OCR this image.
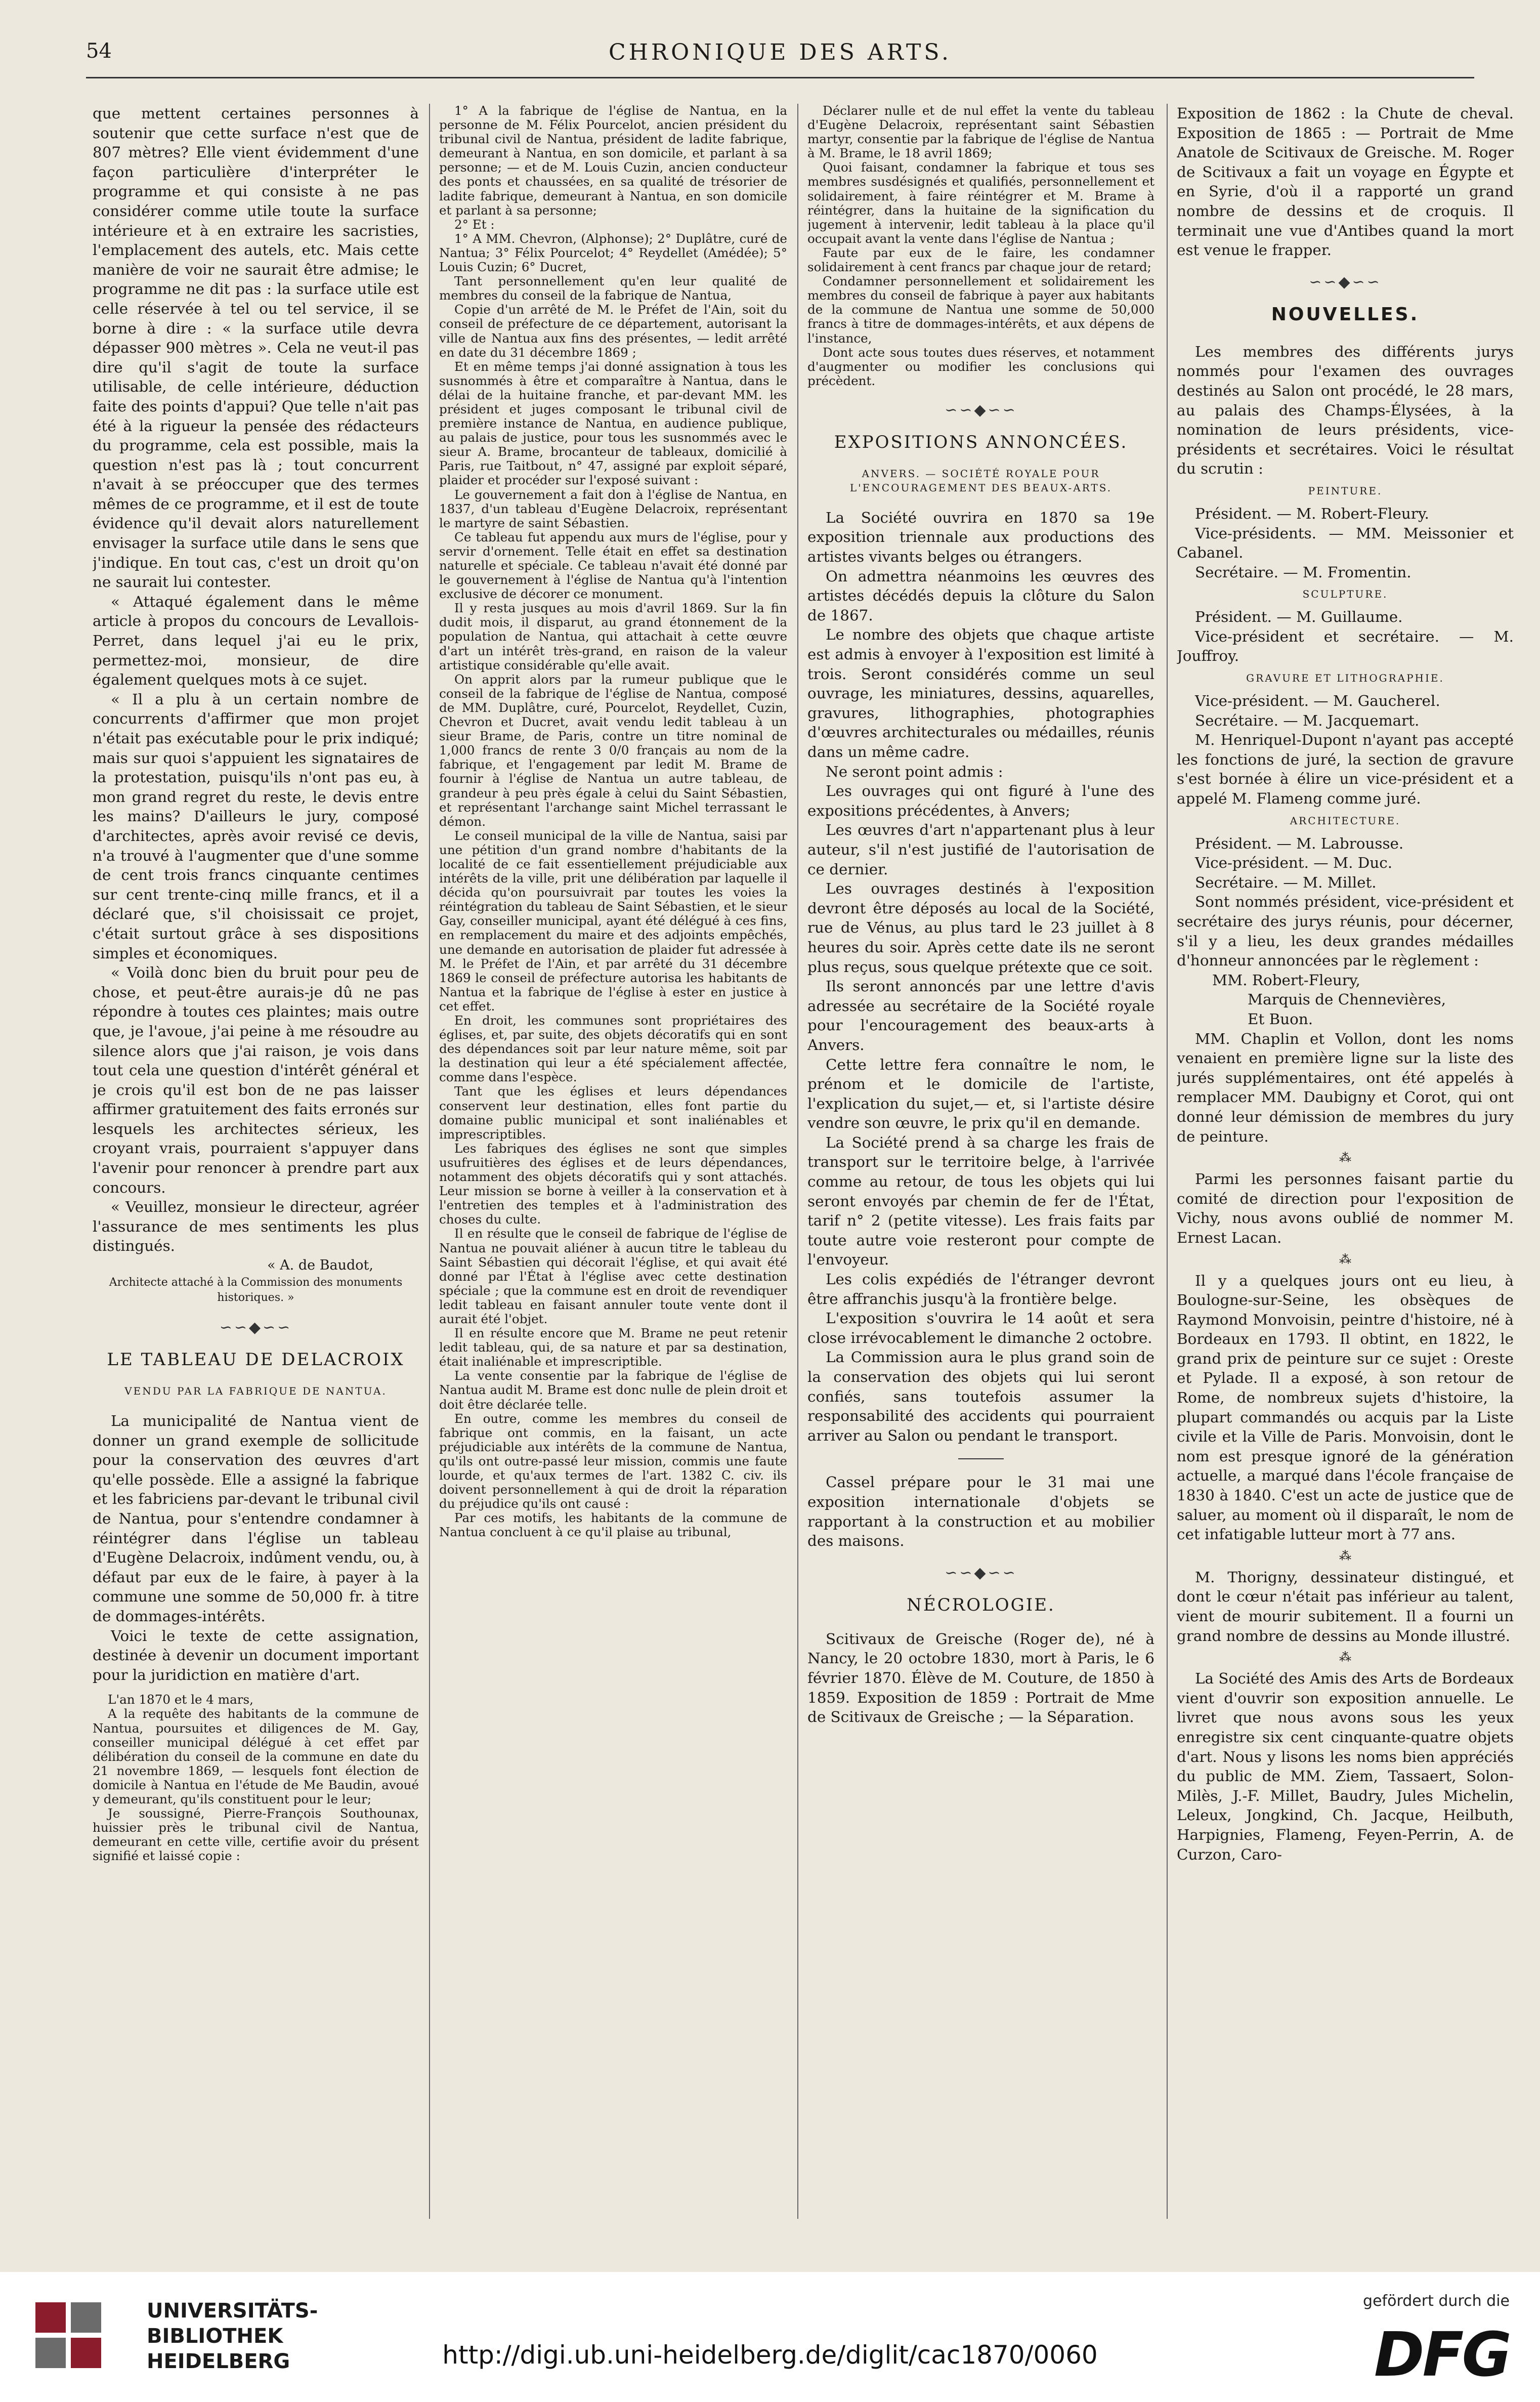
54	CHRONIQUE DES ARTS.

que mettent certaines personnes à soutenir que cette surface n'est que de 807 mètres? Elle vient évidemment d'une façon particulière d'interpréter le programme et qui consiste à ne pas considérer comme utile toute la surface intérieure et à en extraire les sacristies, l'emplacement des autels, etc. Mais cette manière de voir ne saurait être admise; le programme ne dit pas : la surface utile est celle réservée à tel ou tel service, il se borne à dire : « la surface utile devra dépasser 900 mètres ». Cela ne veut-il pas dire qu'il s'agit de toute la surface utilisable, de celle intérieure, déduction faite des points d'appui? Que telle n'ait pas été à la rigueur la pensée des rédacteurs du programme, cela est possible, mais la question n'est pas là ; tout concurrent n'avait à se préoccuper que des termes mêmes de ce programme, et il est de toute évidence qu'il devait alors naturellement envisager la surface utile dans le sens que j'indique. En tout cas, c'est un droit qu'on ne saurait lui contester.

« Attaqué également dans le même article à propos du concours de Levallois-Perret, dans lequel j'ai eu le prix, permettez-moi, monsieur, de dire également quelques mots à ce sujet.

« Il a plu à un certain nombre de concurrents d'affirmer que mon projet n'était pas exécutable pour le prix indiqué; mais sur quoi s'appuient les signataires de la protestation, puisqu'ils n'ont pas eu, à mon grand regret du reste, le devis entre les mains? D'ailleurs le jury, composé d'architectes, après avoir revisé ce devis, n'a trouvé à l'augmenter que d'une somme de cent trois francs cinquante centimes sur cent trente-cinq mille francs, et il a déclaré que, s'il choisissait ce projet, c'était surtout grâce à ses dispositions simples et économiques.

« Voilà donc bien du bruit pour peu de chose, et peut-être aurais-je dû ne pas répondre à toutes ces plaintes; mais outre que, je l'avoue, j'ai peine à me résoudre au silence alors que j'ai raison, je vois dans tout cela une question d'intérêt général et je crois qu'il est bon de ne pas laisser affirmer gratuitement des faits erronés sur lesquels les architectes sérieux, les croyant vrais, pourraient s'appuyer dans l'avenir pour renoncer à prendre part aux concours.

« Veuillez, monsieur le directeur, agréer l'assurance de mes sentiments les plus distingués.

« A. de Baudot,
Architecte attaché à la Commission des monuments historiques. »
∽∽◆∽∽
LE TABLEAU DE DELACROIX
VENDU PAR LA FABRIQUE DE NANTUA.

La municipalité de Nantua vient de donner un grand exemple de sollicitude pour la conservation des œuvres d'art qu'elle possède. Elle a assigné la fabrique et les fabriciens par-devant le tribunal civil de Nantua, pour s'entendre condamner à réintégrer dans l'église un tableau d'Eugène Delacroix, indûment vendu, ou, à défaut par eux de le faire, à payer à la commune une somme de 50,000 fr. à titre de dommages-intérêts.

Voici le texte de cette assignation, destinée à devenir un document important pour la juridiction en matière d'art.

L'an 1870 et le 4 mars,

A la requête des habitants de la commune de Nantua, poursuites et diligences de M. Gay, conseiller municipal délégué à cet effet par délibération du conseil de la commune en date du 21 novembre 1869, — lesquels font élection de domicile à Nantua en l'étude de Me Baudin, avoué y demeurant, qu'ils constituent pour le leur;

Je soussigné, Pierre-François Southounax, huissier près le tribunal civil de Nantua, demeurant en cette ville, certifie avoir du présent signifié et laissé copie :

1° A la fabrique de l'église de Nantua, en la personne de M. Félix Pourcelot, ancien président du tribunal civil de Nantua, président de ladite fabrique, demeurant à Nantua, en son domicile, et parlant à sa personne; — et de M. Louis Cuzin, ancien conducteur des ponts et chaussées, en sa qualité de trésorier de ladite fabrique, demeurant à Nantua, en son domicile et parlant à sa personne;

2° Et :

1° A MM. Chevron, (Alphonse); 2° Duplâtre, curé de Nantua; 3° Félix Pourcelot; 4° Reydellet (Amédée); 5° Louis Cuzin; 6° Ducret,

Tant personnellement qu'en leur qualité de membres du conseil de la fabrique de Nantua,

Copie d'un arrêté de M. le Préfet de l'Ain, soit du conseil de préfecture de ce département, autorisant la ville de Nantua aux fins des présentes, — ledit arrêté en date du 31 décembre 1869 ;

Et en même temps j'ai donné assignation à tous les susnommés à être et comparaître à Nantua, dans le délai de la huitaine franche, et par-devant MM. les président et juges composant le tribunal civil de première instance de Nantua, en audience publique, au palais de justice, pour tous les susnommés avec le sieur A. Brame, brocanteur de tableaux, domicilié à Paris, rue Taitbout, n° 47, assigné par exploit séparé, plaider et procéder sur l'exposé suivant :

Le gouvernement a fait don à l'église de Nantua, en 1837, d'un tableau d'Eugène Delacroix, représentant le martyre de saint Sébastien.

Ce tableau fut appendu aux murs de l'église, pour y servir d'ornement. Telle était en effet sa destination naturelle et spéciale. Ce tableau n'avait été donné par le gouvernement à l'église de Nantua qu'à l'intention exclusive de décorer ce monument.

Il y resta jusques au mois d'avril 1869. Sur la fin dudit mois, il disparut, au grand étonnement de la population de Nantua, qui attachait à cette œuvre d'art un intérêt très-grand, en raison de la valeur artistique considérable qu'elle avait.

On apprit alors par la rumeur publique que le conseil de la fabrique de l'église de Nantua, composé de MM. Duplâtre, curé, Pourcelot, Reydellet, Cuzin, Chevron et Ducret, avait vendu ledit tableau à un sieur Brame, de Paris, contre un titre nominal de 1,000 francs de rente 3 0/0 français au nom de la fabrique, et l'engagement par ledit M. Brame de fournir à l'église de Nantua un autre tableau, de grandeur à peu près égale à celui du Saint Sébastien, et représentant l'archange saint Michel terrassant le démon.

Le conseil municipal de la ville de Nantua, saisi par une pétition d'un grand nombre d'habitants de la localité de ce fait essentiellement préjudiciable aux intérêts de la ville, prit une délibération par laquelle il décida qu'on poursuivrait par toutes les voies la réintégration du tableau de Saint Sébastien, et le sieur Gay, conseiller municipal, ayant été délégué à ces fins, en remplacement du maire et des adjoints empêchés, une demande en autorisation de plaider fut adressée à M. le Préfet de l'Ain, et par arrêté du 31 décembre 1869 le conseil de préfecture autorisa les habitants de Nantua et la fabrique de l'église à ester en justice à cet effet.

En droit, les communes sont propriétaires des églises, et, par suite, des objets décoratifs qui en sont des dépendances soit par leur nature même, soit par la destination qui leur a été spécialement affectée, comme dans l'espèce.

Tant que les églises et leurs dépendances conservent leur destination, elles font partie du domaine public municipal et sont inaliénables et imprescriptibles.

Les fabriques des églises ne sont que simples usufruitières des églises et de leurs dépendances, notamment des objets décoratifs qui y sont attachés. Leur mission se borne à veiller à la conservation et à l'entretien des temples et à l'administration des choses du culte.

Il en résulte que le conseil de fabrique de l'église de Nantua ne pouvait aliéner à aucun titre le tableau du Saint Sébastien qui décorait l'église, et qui avait été donné par l'État à l'église avec cette destination spéciale ; que la commune est en droit de revendiquer ledit tableau en faisant annuler toute vente dont il aurait été l'objet.

Il en résulte encore que M. Brame ne peut retenir ledit tableau, qui, de sa nature et par sa destination, était inaliénable et imprescriptible.

La vente consentie par la fabrique de l'église de Nantua audit M. Brame est donc nulle de plein droit et doit être déclarée telle.

En outre, comme les membres du conseil de fabrique ont commis, en la faisant, un acte préjudiciable aux intérêts de la commune de Nantua, qu'ils ont outre-passé leur mission, commis une faute lourde, et qu'aux termes de l'art. 1382 C. civ. ils doivent personnellement à qui de droit la réparation du préjudice qu'ils ont causé :

Par ces motifs, les habitants de la commune de Nantua concluent à ce qu'il plaise au tribunal,

Déclarer nulle et de nul effet la vente du tableau d'Eugène Delacroix, représentant saint Sébastien martyr, consentie par la fabrique de l'église de Nantua à M. Brame, le 18 avril 1869;

Quoi faisant, condamner la fabrique et tous ses membres susdésignés et qualifiés, personnellement et solidairement, à faire réintégrer et M. Brame à réintégrer, dans la huitaine de la signification du jugement à intervenir, ledit tableau à la place qu'il occupait avant la vente dans l'église de Nantua ;

Faute par eux de le faire, les condamner solidairement à cent francs par chaque jour de retard;

Condamner personnellement et solidairement les membres du conseil de fabrique à payer aux habitants de la commune de Nantua une somme de 50,000 francs à titre de dommages-intérêts, et aux dépens de l'instance,

Dont acte sous toutes dues réserves, et notamment d'augmenter ou modifier les conclusions qui précèdent.

∽∽◆∽∽
EXPOSITIONS ANNONCÉES.
ANVERS. — SOCIÉTÉ ROYALE POUR L'ENCOURAGEMENT DES BEAUX-ARTS.

La Société ouvrira en 1870 sa 19e exposition triennale aux productions des artistes vivants belges ou étrangers.

On admettra néanmoins les œuvres des artistes décédés depuis la clôture du Salon de 1867.

Le nombre des objets que chaque artiste est admis à envoyer à l'exposition est limité à trois. Seront considérés comme un seul ouvrage, les miniatures, dessins, aquarelles, gravures, lithographies, photographies d'œuvres architecturales ou médailles, réunis dans un même cadre.

Ne seront point admis :

Les ouvrages qui ont figuré à l'une des expositions précédentes, à Anvers;

Les œuvres d'art n'appartenant plus à leur auteur, s'il n'est justifié de l'autorisation de ce dernier.

Les ouvrages destinés à l'exposition devront être déposés au local de la Société, rue de Vénus, au plus tard le 23 juillet à 8 heures du soir. Après cette date ils ne seront plus reçus, sous quelque prétexte que ce soit.

Ils seront annoncés par une lettre d'avis adressée au secrétaire de la Société royale pour l'encouragement des beaux-arts à Anvers.

Cette lettre fera connaître le nom, le prénom et le domicile de l'artiste, l'explication du sujet,— et, si l'artiste désire vendre son œuvre, le prix qu'il en demande.

La Société prend à sa charge les frais de transport sur le territoire belge, à l'arrivée comme au retour, de tous les objets qui lui seront envoyés par chemin de fer de l'État, tarif n° 2 (petite vitesse). Les frais faits par toute autre voie resteront pour compte de l'envoyeur.

Les colis expédiés de l'étranger devront être affranchis jusqu'à la frontière belge.

L'exposition s'ouvrira le 14 août et sera close irrévocablement le dimanche 2 octobre.

La Commission aura le plus grand soin de la conservation des objets qui lui seront confiés, sans toutefois assumer la responsabilité des accidents qui pourraient arriver au Salon ou pendant le transport.

Cassel prépare pour le 31 mai une exposition internationale d'objets se rapportant à la construction et au mobilier des maisons.

∽∽◆∽∽
NÉCROLOGIE.

Scitivaux de Greische (Roger de), né à Nancy, le 20 octobre 1830, mort à Paris, le 6 février 1870. Élève de M. Couture, de 1850 à 1859. Exposition de 1859 : Portrait de Mme de Scitivaux de Greische ; — la Séparation.

Exposition de 1862 : la Chute de cheval. Exposition de 1865 : — Portrait de Mme Anatole de Scitivaux de Greische. M. Roger de Scitivaux a fait un voyage en Égypte et en Syrie, d'où il a rapporté un grand nombre de dessins et de croquis. Il terminait une vue d'Antibes quand la mort est venue le frapper.

∽∽◆∽∽
NOUVELLES.

Les membres des différents jurys nommés pour l'examen des ouvrages destinés au Salon ont procédé, le 28 mars, au palais des Champs-Élysées, à la nomination de leurs présidents, vice-présidents et secrétaires. Voici le résultat du scrutin :

PEINTURE.

Président. — M. Robert-Fleury.

Vice-présidents. — MM. Meissonier et Cabanel.

Secrétaire. — M. Fromentin.

SCULPTURE.

Président. — M. Guillaume.

Vice-président et secrétaire. — M. Jouffroy.

GRAVURE ET LITHOGRAPHIE.

Vice-président. — M. Gaucherel.

Secrétaire. — M. Jacquemart.

M. Henriquel-Dupont n'ayant pas accepté les fonctions de juré, la section de gravure s'est bornée à élire un vice-président et a appelé M. Flameng comme juré.

ARCHITECTURE.

Président. — M. Labrousse.

Vice-président. — M. Duc.

Secrétaire. — M. Millet.

Sont nommés président, vice-président et secrétaire des jurys réunis, pour décerner, s'il y a lieu, les deux grandes médailles d'honneur annoncées par le règlement :

MM. Robert-Fleury,

Marquis de Chennevières,

Et Buon.

MM. Chaplin et Vollon, dont les noms venaient en première ligne sur la liste des jurés supplémentaires, ont été appelés à remplacer MM. Daubigny et Corot, qui ont donné leur démission de membres du jury de peinture.

⁂

Parmi les personnes faisant partie du comité de direction pour l'exposition de Vichy, nous avons oublié de nommer M. Ernest Lacan.

⁂

Il y a quelques jours ont eu lieu, à Boulogne-sur-Seine, les obsèques de Raymond Monvoisin, peintre d'histoire, né à Bordeaux en 1793. Il obtint, en 1822, le grand prix de peinture sur ce sujet : Oreste et Pylade. Il a exposé, à son retour de Rome, de nombreux sujets d'histoire, la plupart commandés ou acquis par la Liste civile et la Ville de Paris. Monvoisin, dont le nom est presque ignoré de la génération actuelle, a marqué dans l'école française de 1830 à 1840. C'est un acte de justice que de saluer, au moment où il disparaît, le nom de cet infatigable lutteur mort à 77 ans.

⁂

M. Thorigny, dessinateur distingué, et dont le cœur n'était pas inférieur au talent, vient de mourir subitement. Il a fourni un grand nombre de dessins au Monde illustré.

⁂

La Société des Amis des Arts de Bordeaux vient d'ouvrir son exposition annuelle. Le livret que nous avons sous les yeux enregistre six cent cinquante-quatre objets d'art. Nous y lisons les noms bien appréciés du public de MM. Ziem, Tassaert, Solon-Milès, J.-F. Millet, Baudry, Jules Michelin, Leleux, Jongkind, Ch. Jacque, Heilbuth, Harpignies, Flameng, Feyen-Perrin, A. de Curzon, Caro-

UNIVERSITÄTS-
BIBLIOTHEK
HEIDELBERG	http://digi.ub.uni-heidelberg.de/diglit/cac1870/0060
gefördert durch die
DFG
